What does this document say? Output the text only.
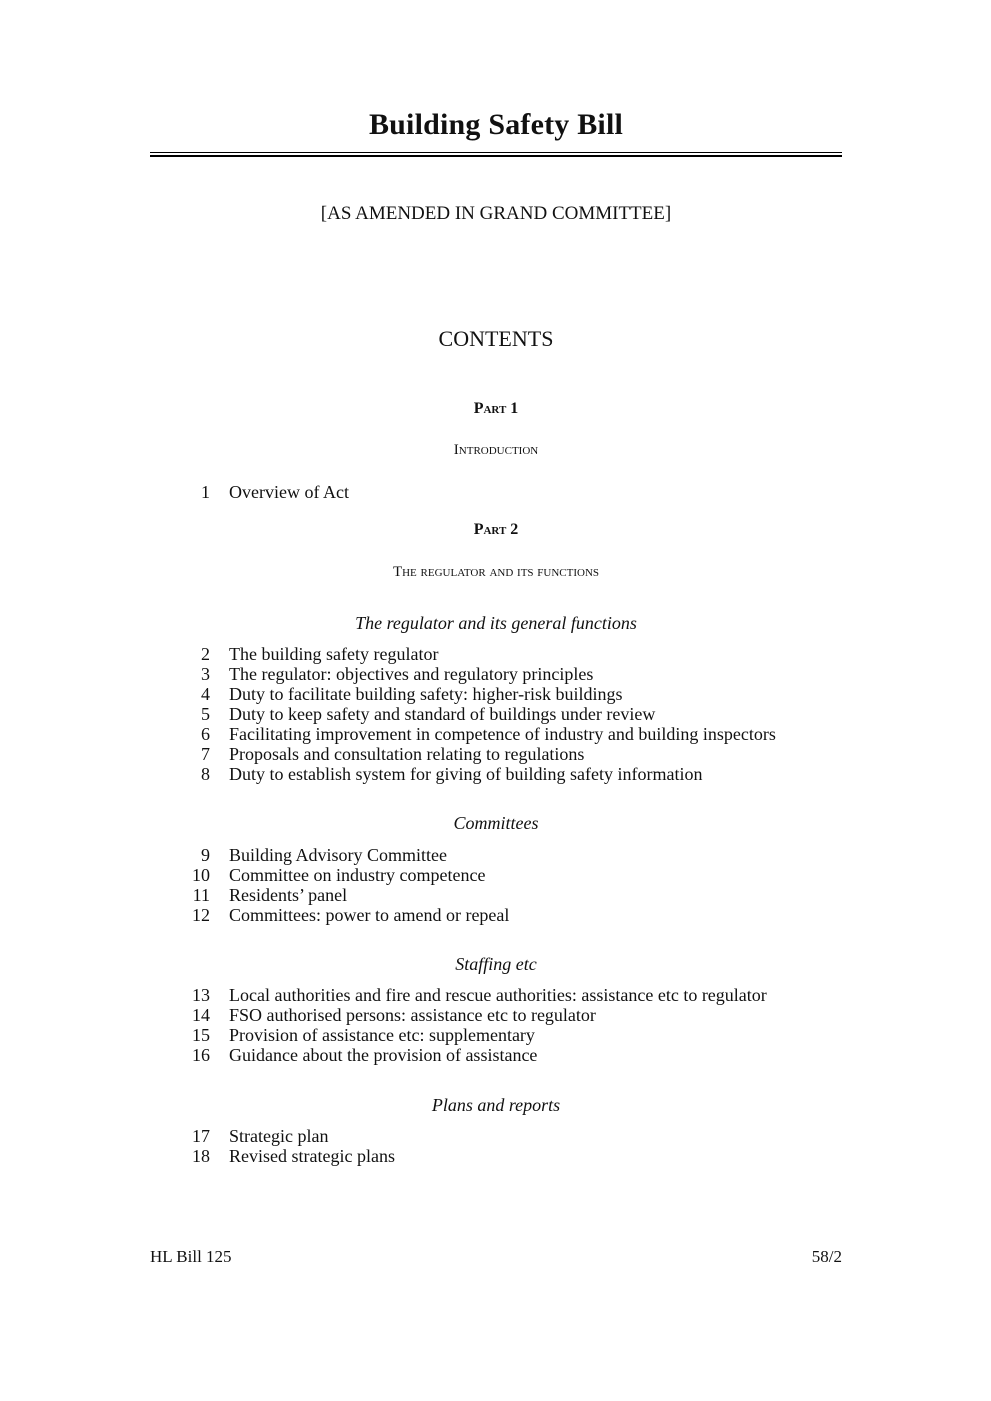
Building Safety Bill
[AS AMENDED IN GRAND COMMITTEE]
CONTENTS
Part 1
Introduction
1	Overview of Act
Part 2
The regulator and its functions
The regulator and its general functions
2	The building safety regulator
3	The regulator: objectives and regulatory principles
4	Duty to facilitate building safety: higher-risk buildings
5	Duty to keep safety and standard of buildings under review
6	Facilitating improvement in competence of industry and building inspectors
7	Proposals and consultation relating to regulations
8	Duty to establish system for giving of building safety information
Committees
9	Building Advisory Committee
10	Committee on industry competence
11	Residents’ panel
12	Committees: power to amend or repeal
Staffing etc
13	Local authorities and fire and rescue authorities: assistance etc to regulator
14	FSO authorised persons: assistance etc to regulator
15	Provision of assistance etc: supplementary
16	Guidance about the provision of assistance
Plans and reports
17	Strategic plan
18	Revised strategic plans
HL Bill 125	58/2
